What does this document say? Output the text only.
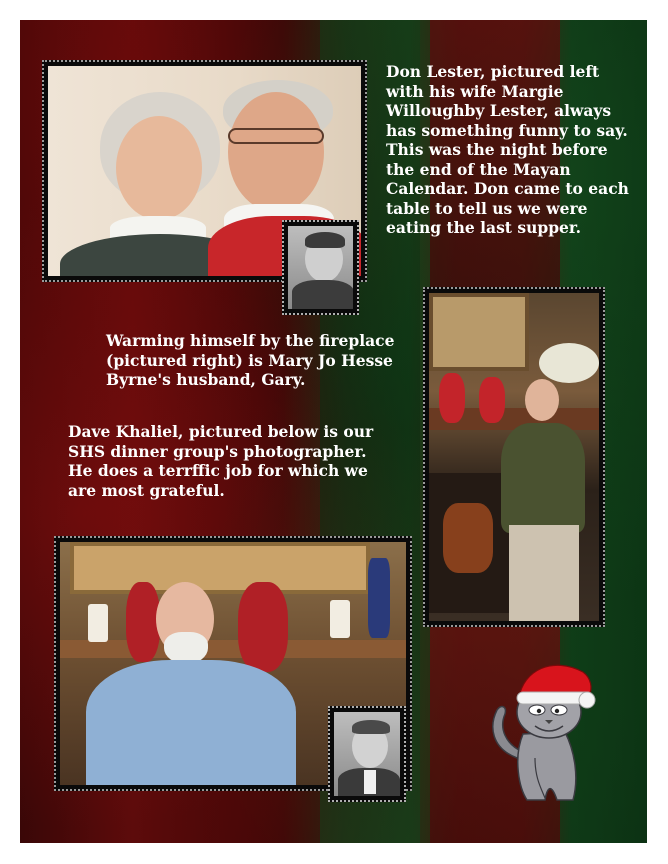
Don Lester, pictured left with his wife Margie Willoughby Lester, always has something funny to say. This was the night before the end of the Mayan Calendar. Don came to each table to tell us we were eating the last supper.

Warming himself by the fireplace (pictured right) is Mary Jo Hesse Byrne's husband, Gary.

Dave Khaliel, pictured below is our SHS dinner group's photographer. He does a terrffic job for which we are most grateful.
